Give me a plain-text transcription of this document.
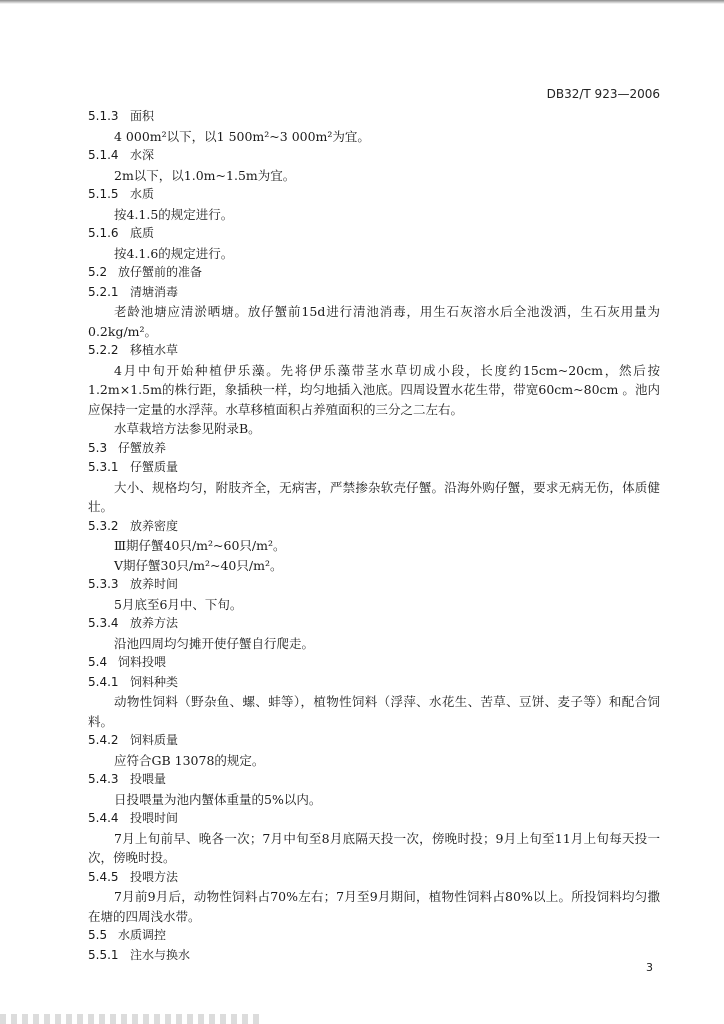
DB32/T 923—2006
5.1.3 面积

4 000m²以下，以1 500m²~3 000m²为宜。

5.1.4 水深

2m以下，以1.0m~1.5m为宜。

5.1.5 水质

按4.1.5的规定进行。

5.1.6 底质

按4.1.6的规定进行。

5.2 放仔蟹前的准备
5.2.1 清塘消毒

老龄池塘应清淤晒塘。放仔蟹前15d进行清池消毒，用生石灰溶水后全池泼洒，生石灰用量为0.2kg/m²。

5.2.2 移植水草

4月中旬开始种植伊乐藻。先将伊乐藻带茎水草切成小段，长度约15cm~20cm，然后按1.2m×1.5m的株行距，象插秧一样，均匀地插入池底。四周设置水花生带，带宽60cm~80cm 。池内应保持一定量的水浮萍。水草移植面积占养殖面积的三分之二左右。

水草栽培方法参见附录B。

5.3 仔蟹放养
5.3.1 仔蟹质量

大小、规格均匀，附肢齐全，无病害，严禁掺杂软壳仔蟹。沿海外购仔蟹，要求无病无伤，体质健壮。

5.3.2 放养密度

Ⅲ期仔蟹40只/m²~60只/m²。

Ⅴ期仔蟹30只/m²~40只/m²。

5.3.3 放养时间

5月底至6月中、下旬。

5.3.4 放养方法

沿池四周均匀摊开使仔蟹自行爬走。

5.4 饲料投喂
5.4.1 饲料种类

动物性饲料（野杂鱼、螺、蚌等），植物性饲料（浮萍、水花生、苦草、豆饼、麦子等）和配合饲料。

5.4.2 饲料质量

应符合GB 13078的规定。

5.4.3 投喂量

日投喂量为池内蟹体重量的5%以内。

5.4.4 投喂时间

7月上旬前早、晚各一次；7月中旬至8月底隔天投一次，傍晚时投；9月上旬至11月上旬每天投一次，傍晚时投。

5.4.5 投喂方法

7月前9月后，动物性饲料占70%左右；7月至9月期间，植物性饲料占80%以上。所投饲料均匀撒在塘的四周浅水带。

5.5 水质调控
5.5.1 注水与换水
3
